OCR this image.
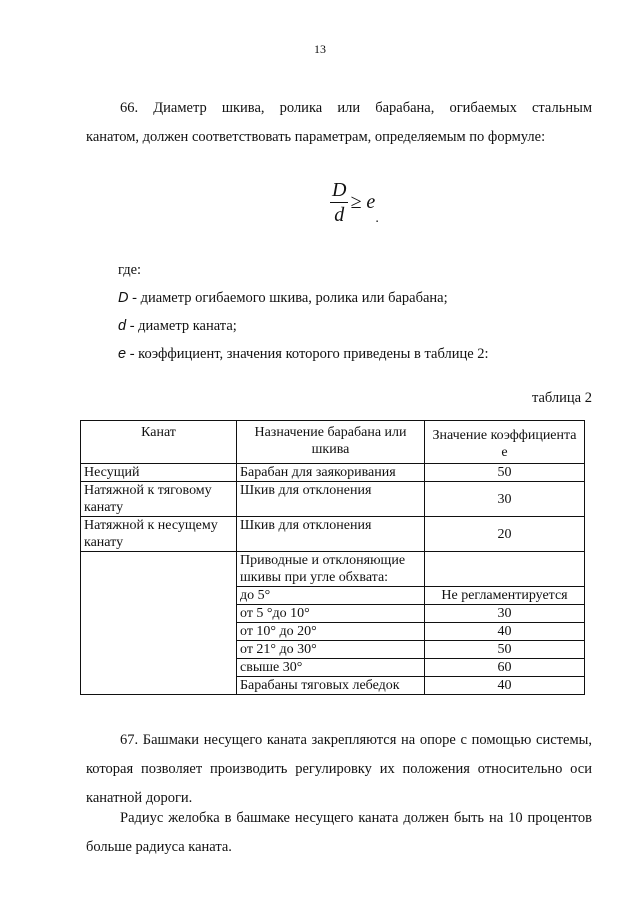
13
66. Диаметр шкива, ролика или барабана, огибаемых стальным
канатом, должен соответствовать параметрам, определяемым по формуле:
$\frac{D}{d} \ge e$.
где:
D - диаметр огибаемого шкива, ролика или барабана;
d - диаметр каната;
e - коэффициент, значения которого приведены в таблице 2:
таблица 2
Канат	Назначение барабана или шкива	Значение коэффициента е
Несущий	Барабан для заякоривания	50
Натяжной к тяговому канату	Шкив для отклонения	30
Натяжной к несущему канату	Шкив для отклонения	20
	Приводные и отклоняющие шкивы при угле обхвата:	
	до 5°	Не регламентируется
	от 5 °до 10°	30
	от 10° до 20°	40
	от 21° до 30°	50
	свыше 30°	60
	Барабаны тяговых лебедок	40
67. Башмаки несущего каната закрепляются на опоре с помощью системы, которая позволяет производить регулировку их положения относительно оси канатной дороги.
Радиус желобка в башмаке несущего каната должен быть на 10 процентов больше радиуса каната.
